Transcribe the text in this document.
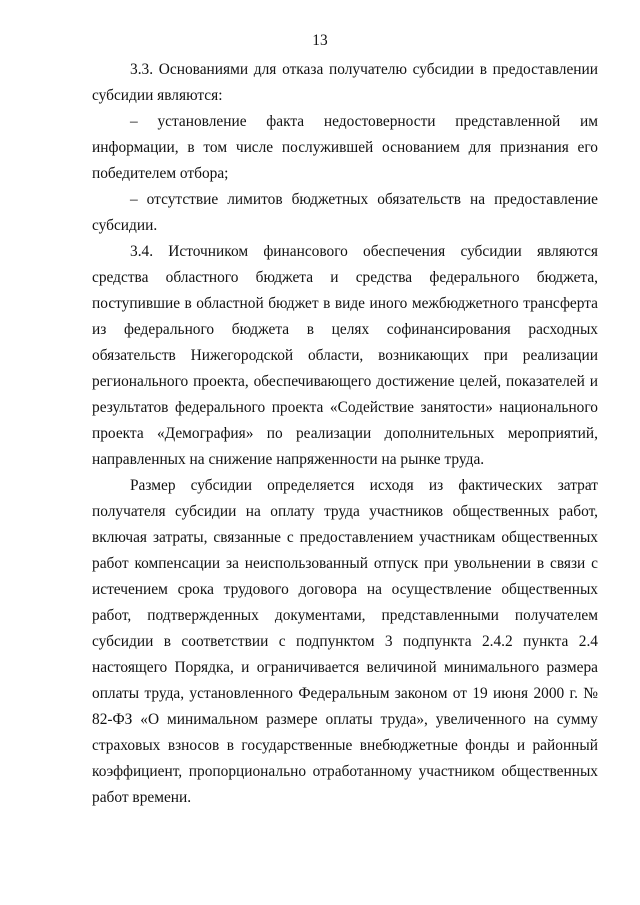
13

3.3. Основаниями для отказа получателю субсидии в предоставлении субсидии являются:

– установление факта недостоверности представленной им информации, в том числе послужившей основанием для признания его победителем отбора;

– отсутствие лимитов бюджетных обязательств на предоставление субсидии.

3.4. Источником финансового обеспечения субсидии являются средства областного бюджета и средства федерального бюджета, поступившие в областной бюджет в виде иного межбюджетного трансферта из федерального бюджета в целях софинансирования расходных обязательств Нижегородской области, возникающих при реализации регионального проекта, обеспечивающего достижение целей, показателей и результатов федерального проекта «Содействие занятости» национального проекта «Демография» по реализации дополнительных мероприятий, направленных на снижение напряженности на рынке труда.

Размер субсидии определяется исходя из фактических затрат получателя субсидии на оплату труда участников общественных работ, включая затраты, связанные с предоставлением участникам общественных работ компенсации за неиспользованный отпуск при увольнении в связи с истечением срока трудового договора на осуществление общественных работ, подтвержденных документами, представленными получателем субсидии в соответствии с подпунктом 3 подпункта 2.4.2 пункта 2.4 настоящего Порядка, и ограничивается величиной минимального размера оплаты труда, установленного Федеральным законом от 19 июня 2000 г. № 82-ФЗ «О минимальном размере оплаты труда», увеличенного на сумму страховых взносов в государственные внебюджетные фонды и районный коэффициент, пропорционально отработанному участником общественных работ времени.
